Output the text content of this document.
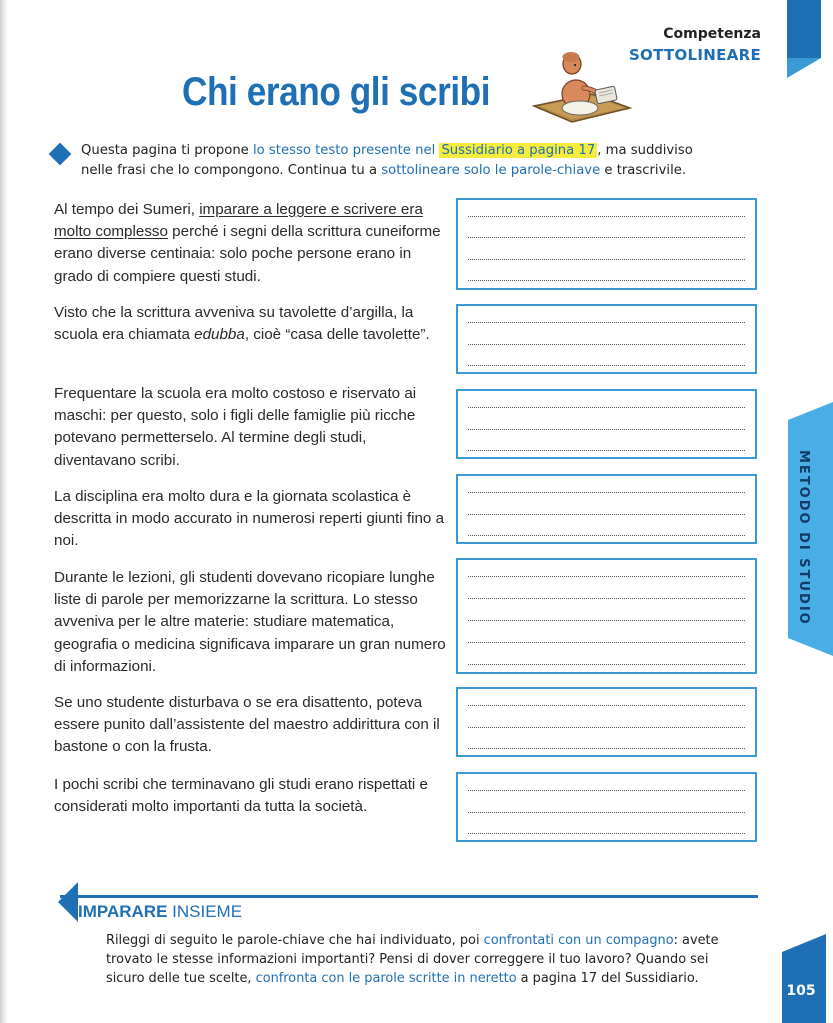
Competenza
SOTTOLINEARE
Chi erano gli scribi
Questa pagina ti propone lo stesso testo presente nel Sussidiario a pagina 17 , ma suddiviso nelle frasi che lo compongono. Continua tu a sottolineare solo le parole-chiave e trascrivile.
Al tempo dei Sumeri, imparare a leggere e scrivere era molto complesso perché i segni della scrittura cuneiforme erano diverse centinaia: solo poche persone erano in grado di compiere questi studi.
Visto che la scrittura avveniva su tavolette d’argilla, la scuola era chiamata edubba, cioè “casa delle tavolette”.
Frequentare la scuola era molto costoso e riservato ai maschi: per questo, solo i figli delle famiglie più ricche potevano permetterselo. Al termine degli studi, diventavano scribi.
La disciplina era molto dura e la giornata scolastica è descritta in modo accurato in numerosi reperti giunti fino a noi.
Durante le lezioni, gli studenti dovevano ricopiare lunghe liste di parole per memorizzarne la scrittura. Lo stesso avveniva per le altre materie: studiare matematica, geografia o medicina significava imparare un gran numero di informazioni.
Se uno studente disturbava o se era disattento, poteva essere punito dall’assistente del maestro addirittura con il bastone o con la frusta.
I pochi scribi che terminavano gli studi erano rispettati e considerati molto importanti da tutta la società.
METODO DI STUDIO
IMPARARE INSIEME
Rileggi di seguito le parole-chiave che hai individuato, poi confrontati con un compagno: avete trovato le stesse informazioni importanti? Pensi di dover correggere il tuo lavoro? Quando sei sicuro delle tue scelte, confronta con le parole scritte in neretto a pagina 17 del Sussidiario.
105
